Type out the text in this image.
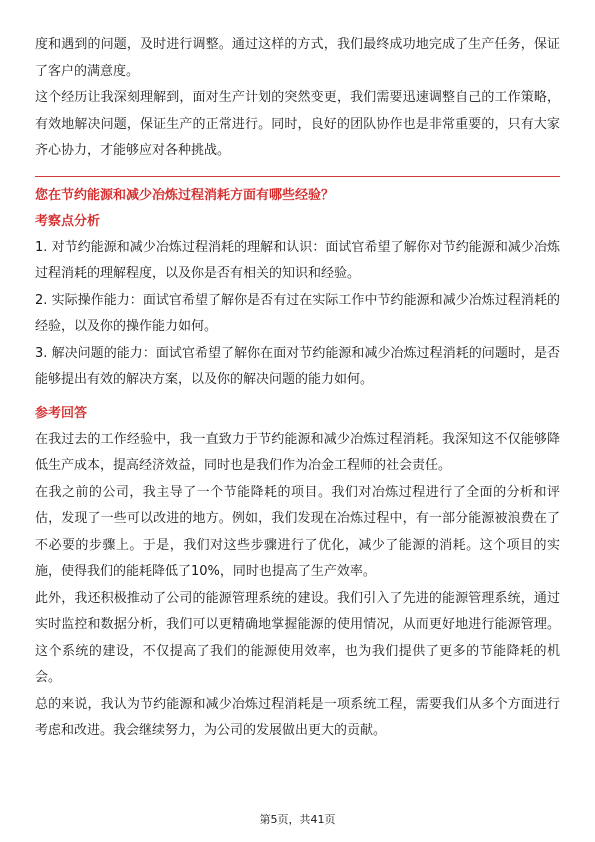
度和遇到的问题，及时进行调整。通过这样的方式，我们最终成功地完成了生产任务，保证了客户的满意度。

这个经历让我深刻理解到，面对生产计划的突然变更，我们需要迅速调整自己的工作策略，有效地解决问题，保证生产的正常进行。同时，良好的团队协作也是非常重要的，只有大家齐心协力，才能够应对各种挑战。

您在节约能源和减少冶炼过程消耗方面有哪些经验？
考察点分析

1. 对节约能源和减少冶炼过程消耗的理解和认识：面试官希望了解你对节约能源和减少冶炼过程消耗的理解程度，以及你是否有相关的知识和经验。

2. 实际操作能力：面试官希望了解你是否有过在实际工作中节约能源和减少冶炼过程消耗的经验，以及你的操作能力如何。

3. 解决问题的能力：面试官希望了解你在面对节约能源和减少冶炼过程消耗的问题时，是否能够提出有效的解决方案，以及你的解决问题的能力如何。

参考回答

在我过去的工作经验中，我一直致力于节约能源和减少冶炼过程消耗。我深知这不仅能够降低生产成本，提高经济效益，同时也是我们作为冶金工程师的社会责任。

在我之前的公司，我主导了一个节能降耗的项目。我们对冶炼过程进行了全面的分析和评估，发现了一些可以改进的地方。例如，我们发现在冶炼过程中，有一部分能源被浪费在了不必要的步骤上。于是，我们对这些步骤进行了优化，减少了能源的消耗。这个项目的实施，使得我们的能耗降低了10%，同时也提高了生产效率。

此外，我还积极推动了公司的能源管理系统的建设。我们引入了先进的能源管理系统，通过实时监控和数据分析，我们可以更精确地掌握能源的使用情况，从而更好地进行能源管理。这个系统的建设，不仅提高了我们的能源使用效率，也为我们提供了更多的节能降耗的机会。

总的来说，我认为节约能源和减少冶炼过程消耗是一项系统工程，需要我们从多个方面进行考虑和改进。我会继续努力，为公司的发展做出更大的贡献。

第5页，共41页
